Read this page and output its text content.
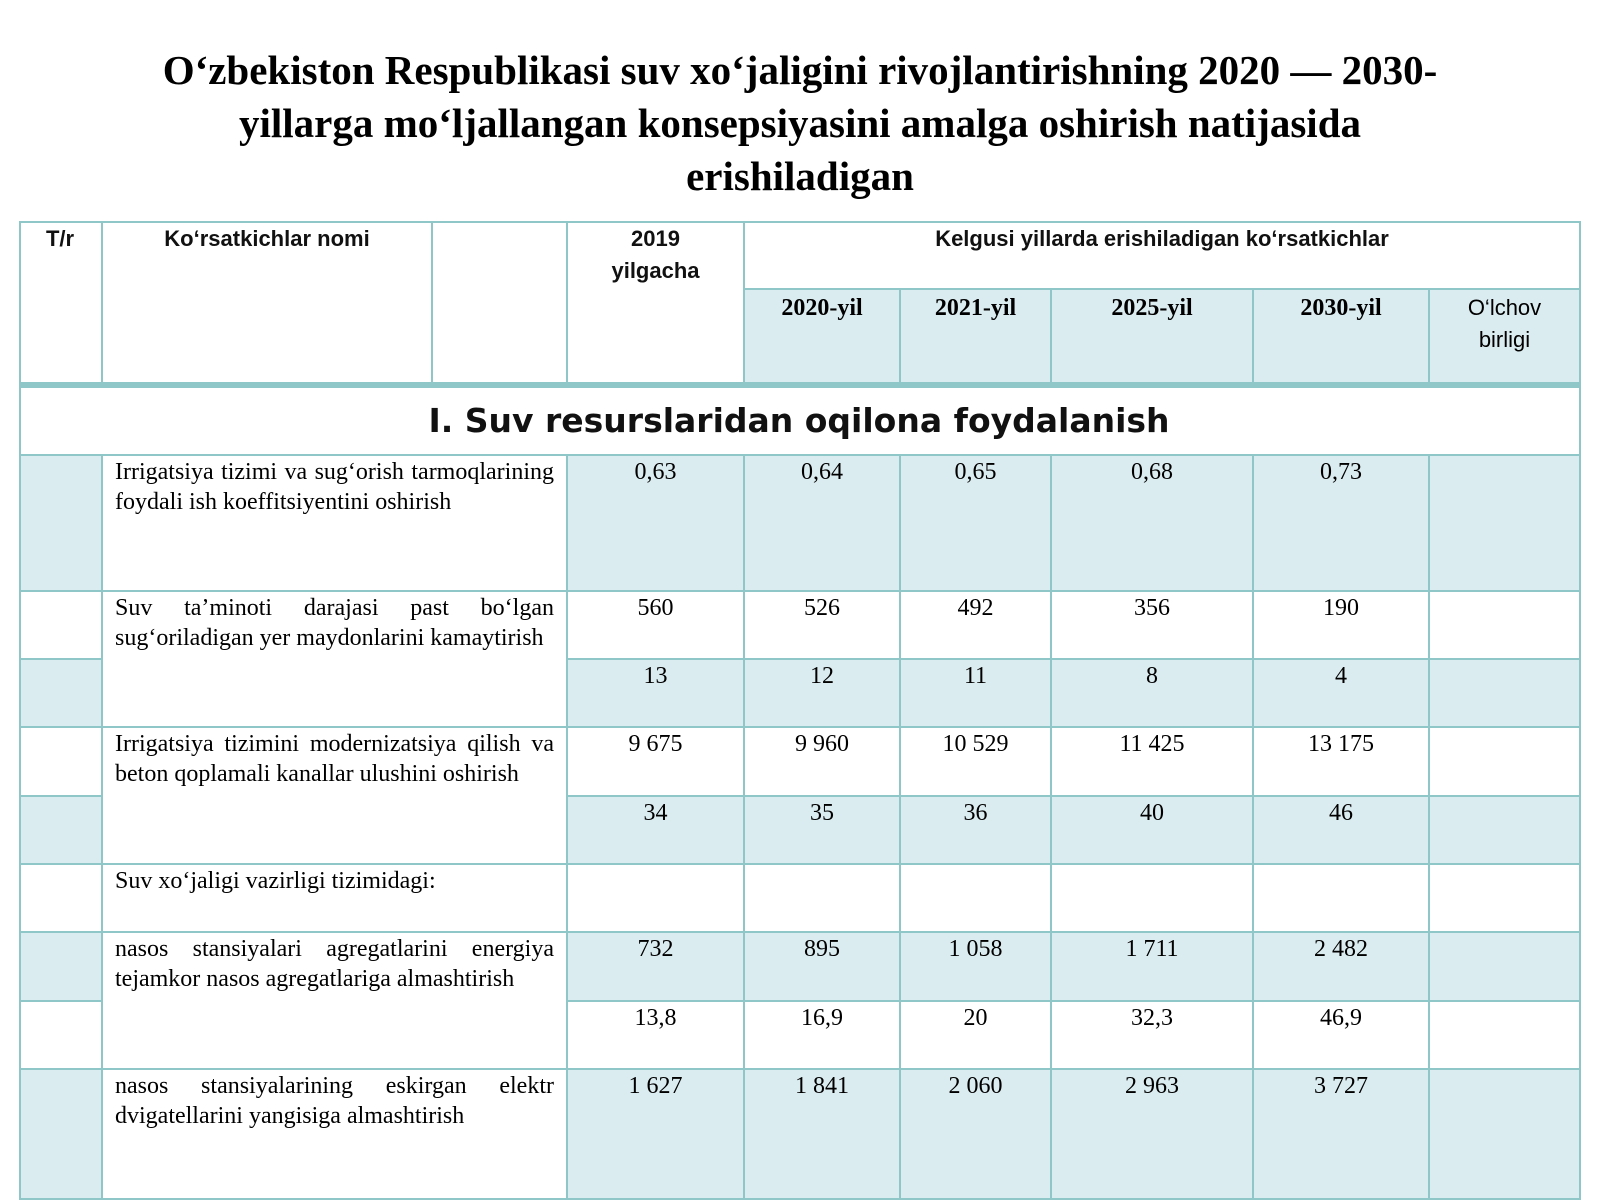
O‘zbekiston Respublikasi suv xo‘jaligini rivojlantirishning 2020 — 2030-
yillarga mo‘ljallangan konsepsiyasini amalga oshirish natijasida
erishiladigan
T/r	Ko‘rsatkichlar nomi	2019 yilgacha
Kelgusi yillarda erishiladigan ko‘rsatkichlar
2020-yil	2021-yil	2025-yil	2030-yil	O‘lchov birligi
I. Suv resurslaridan oqilona foydalanish
Irrigatsiya tizimi va sug‘orish tarmoqlarining foydali ish koeffitsiyentini oshirish
0,63	0,64	0,65	0,68	0,73
Suv ta’minoti darajasi past bo‘lgan sug‘oriladigan yer maydonlarini kamaytirish
560	526	492	356	190
13	12	11	8	4
Irrigatsiya tizimini modernizatsiya qilish va beton qoplamali kanallar ulushini oshirish
9 675	9 960	10 529	11 425	13 175
34	35	36	40	46
Suv xo‘jaligi vazirligi tizimidagi:
nasos stansiyalari agregatlarini energiya tejamkor nasos agregatlariga almashtirish
732	895	1 058	1 711	2 482
13,8	16,9	20	32,3	46,9
nasos stansiyalarining eskirgan elektr dvigatellarini yangisiga almashtirish
1 627	1 841	2 060	2 963	3 727
